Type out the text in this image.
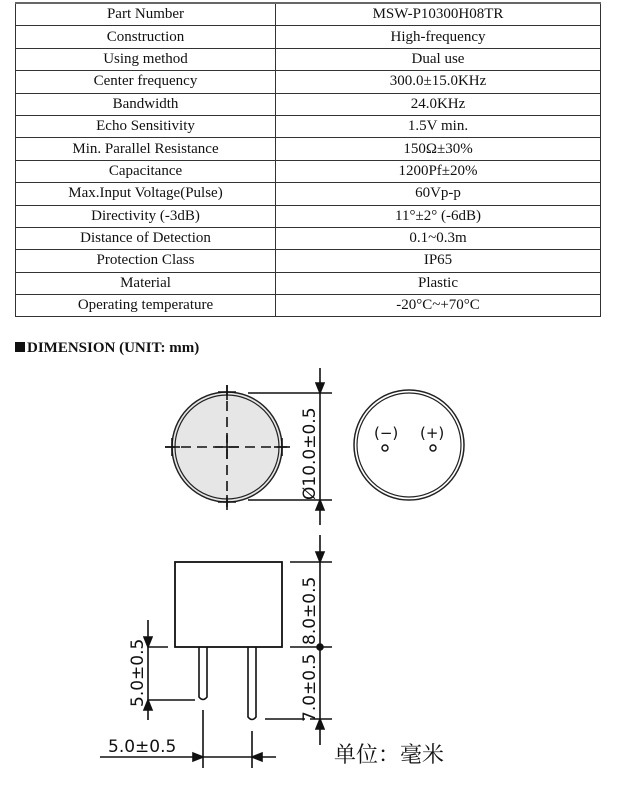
Part Number	MSW-P10300H08TR
Construction	High-frequency
Using method	Dual use
Center frequency	300.0±15.0KHz
Bandwidth	24.0KHz
Echo Sensitivity	1.5V min.
Min. Parallel Resistance	150Ω±30%
Capacitance	1200Pf±20%
Max.Input Voltage(Pulse)	60Vp-p
Directivity (-3dB)	11°±2° (-6dB)
Distance of Detection	0.1~0.3m
Protection Class	IP65
Material	Plastic
Operating temperature	-20°C~+70°C
DIMENSION (UNIT: mm)
Ø10.0±0.5
8.0±0.5
7.0±0.5
5.0±0.5
5.0±0.5
(−) (+)
单位：毫米
